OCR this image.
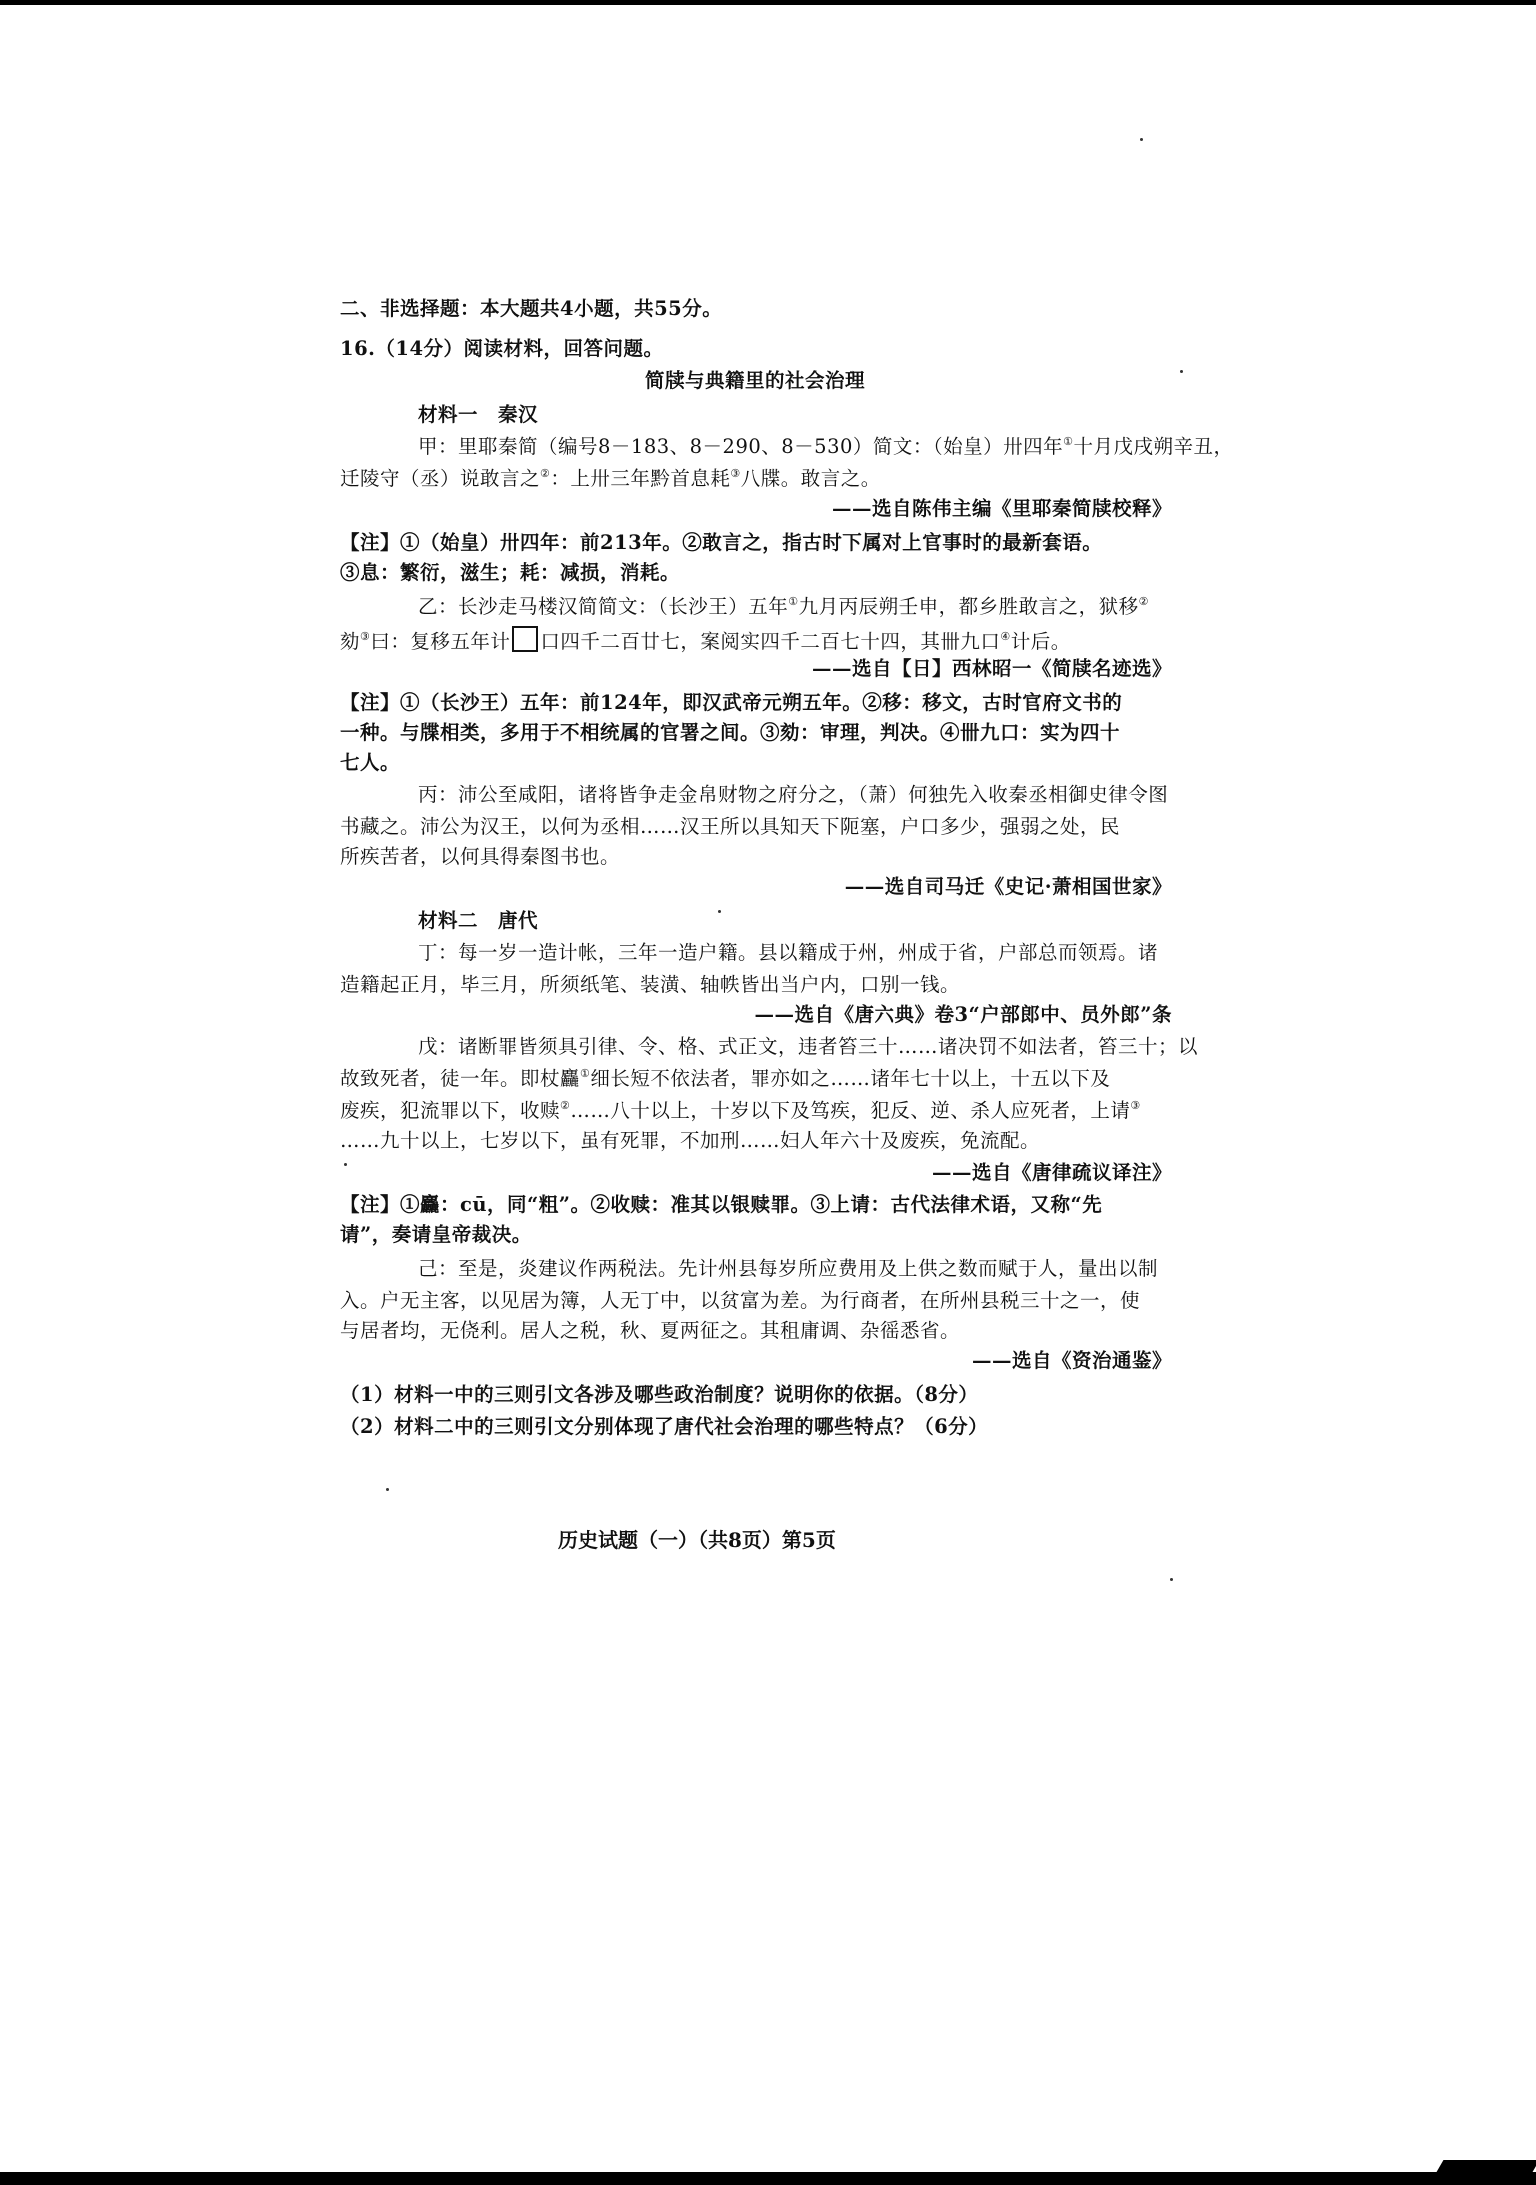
二、非选择题：本大题共4小题，共55分。
16.（14分）阅读材料，回答问题。
简牍与典籍里的社会治理
材料一　秦汉
甲：里耶秦简（编号8－183、8－290、8－530）简文：（始皇）卅四年①十月戊戌朔辛丑，
迁陵守（丞）说敢言之②：上卅三年黔首息耗③八牒。敢言之。
——选自陈伟主编《里耶秦简牍校释》
【注】①（始皇）卅四年：前213年。②敢言之，指古时下属对上官事时的最新套语。
③息：繁衍，滋生；耗：减损，消耗。
乙：长沙走马楼汉简简文：（长沙王）五年①九月丙辰朔壬申，都乡胜敢言之，狱移②
劾③曰：复移五年计 口四千二百廿七，案阅实四千二百七十四，其卌九口④计后。
——选自【日】西林昭一《简牍名迹选》
【注】①（长沙王）五年：前124年，即汉武帝元朔五年。②移：移文，古时官府文书的
一种。与牒相类，多用于不相统属的官署之间。③劾：审理，判决。④卌九口：实为四十
七人。
丙：沛公至咸阳，诸将皆争走金帛财物之府分之，（萧）何独先入收秦丞相御史律令图
书藏之。沛公为汉王，以何为丞相……汉王所以具知天下阨塞，户口多少，强弱之处，民
所疾苦者，以何具得秦图书也。
——选自司马迁《史记·萧相国世家》
材料二　唐代
丁：每一岁一造计帐，三年一造户籍。县以籍成于州，州成于省，户部总而领焉。诸
造籍起正月，毕三月，所须纸笔、装潢、轴帙皆出当户内，口别一钱。
——选自《唐六典》卷3“户部郎中、员外郎”条
戊：诸断罪皆须具引律、令、格、式正文，违者笞三十……诸决罚不如法者，笞三十；以
故致死者，徒一年。即杖麤①细长短不依法者，罪亦如之……诸年七十以上，十五以下及
废疾，犯流罪以下，收赎②……八十以上，十岁以下及笃疾，犯反、逆、杀人应死者，上请③
……九十以上，七岁以下，虽有死罪，不加刑……妇人年六十及废疾，免流配。
——选自《唐律疏议译注》
【注】①麤：cū，同“粗”。②收赎：准其以银赎罪。③上请：古代法律术语，又称“先
请”，奏请皇帝裁决。
己：至是，炎建议作两税法。先计州县每岁所应费用及上供之数而赋于人，量出以制
入。户无主客，以见居为簿，人无丁中，以贫富为差。为行商者，在所州县税三十之一，使
与居者均，无侥利。居人之税，秋、夏两征之。其租庸调、杂徭悉省。
——选自《资治通鉴》
（1）材料一中的三则引文各涉及哪些政治制度？说明你的依据。（8分）
（2）材料二中的三则引文分别体现了唐代社会治理的哪些特点？（6分）
历史试题（一）（共8页）第5页
